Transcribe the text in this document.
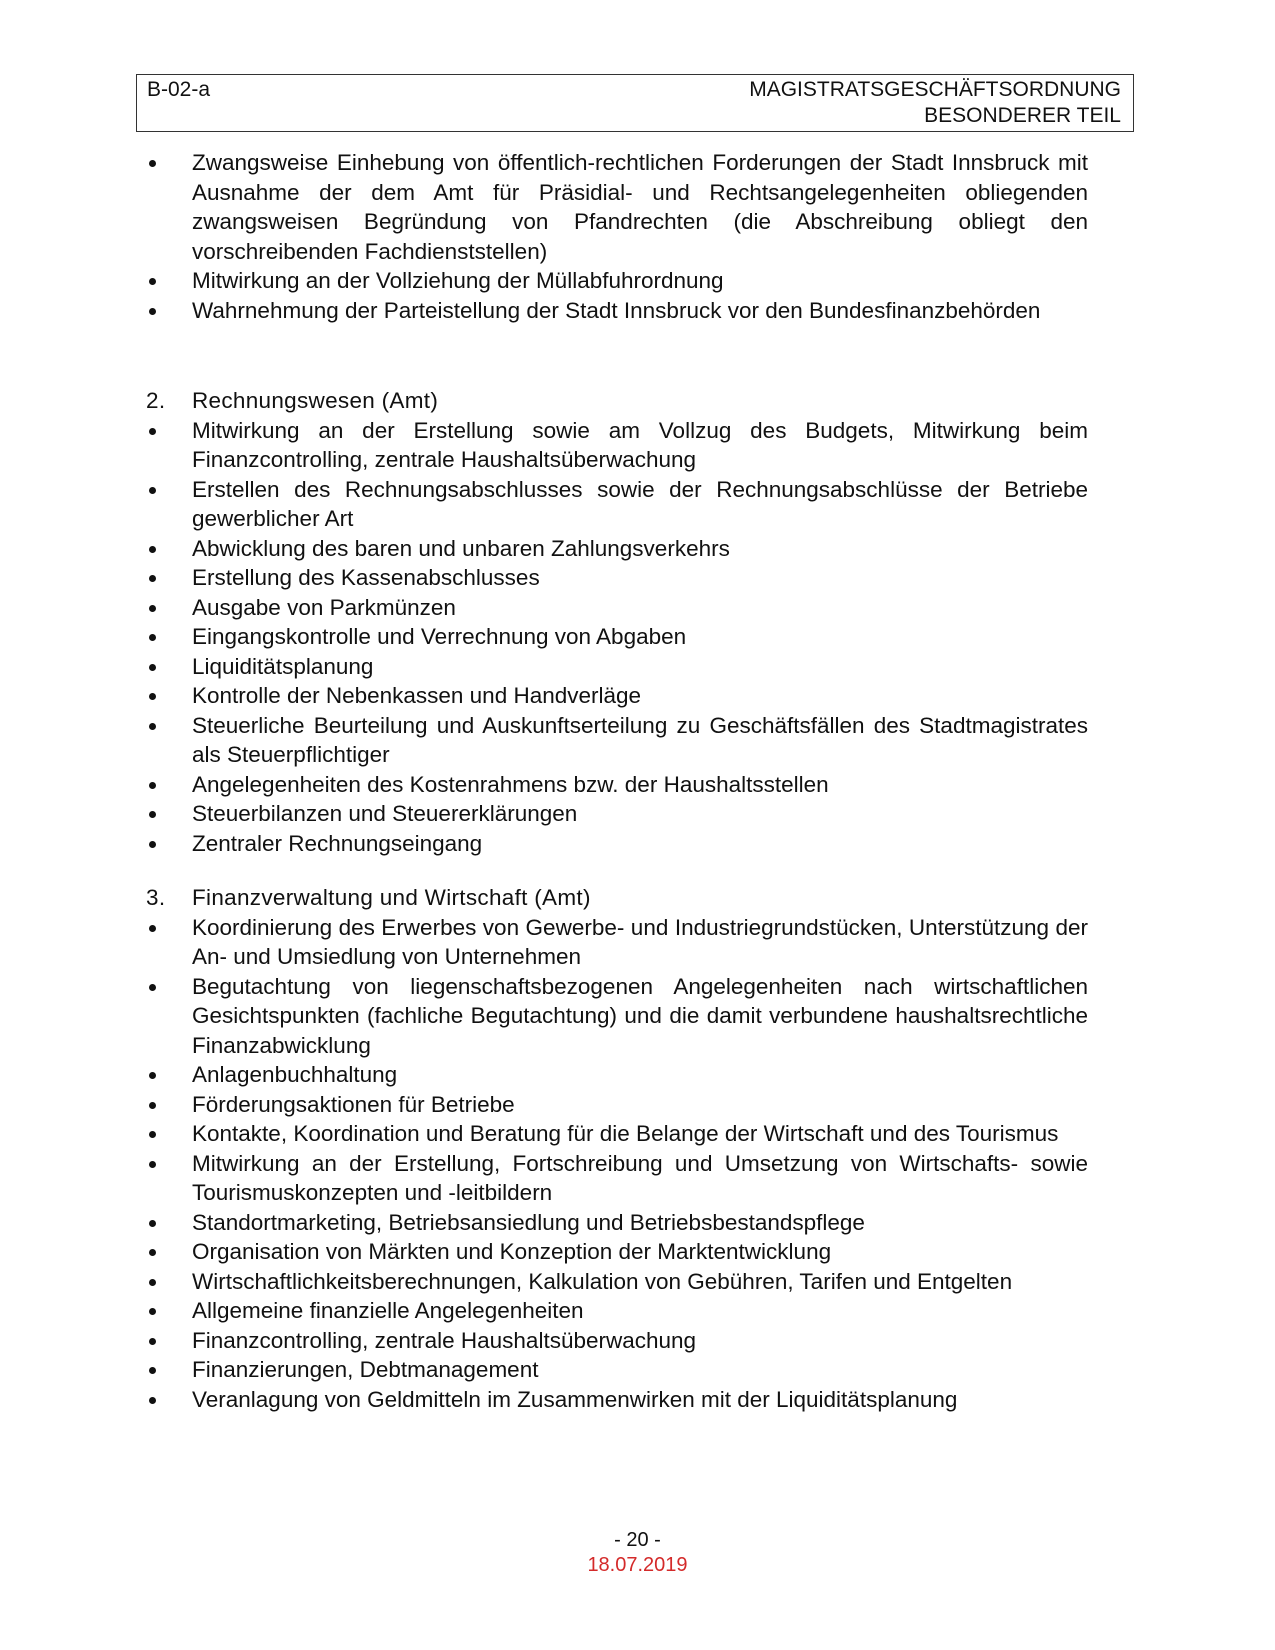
B-02-a	MAGISTRATSGESCHÄFTSORDNUNG
BESONDERER TEIL
Zwangsweise Einhebung von öffentlich-rechtlichen Forderungen der Stadt Innsbruck mit Ausnahme der dem Amt für Präsidial- und Rechtsangelegenheiten obliegenden zwangsweisen Begründung von Pfandrechten (die Abschreibung obliegt den vorschreibenden Fachdienststellen)
Mitwirkung an der Vollziehung der Müllabfuhrordnung
Wahrnehmung der Parteistellung der Stadt Innsbruck vor den Bundesfinanzbehörden
2.	Rechnungswesen (Amt)
Mitwirkung an der Erstellung sowie am Vollzug des Budgets, Mitwirkung beim Finanzcontrolling, zentrale Haushaltsüberwachung
Erstellen des Rechnungsabschlusses sowie der Rechnungsabschlüsse der Betriebe gewerblicher Art
Abwicklung des baren und unbaren Zahlungsverkehrs
Erstellung des Kassenabschlusses
Ausgabe von Parkmünzen
Eingangskontrolle und Verrechnung von Abgaben
Liquiditätsplanung
Kontrolle der Nebenkassen und Handverläge
Steuerliche Beurteilung und Auskunftserteilung zu Geschäftsfällen des Stadtmagistrates als Steuerpflichtiger
Angelegenheiten des Kostenrahmens bzw. der Haushaltsstellen
Steuerbilanzen und Steuererklärungen
Zentraler Rechnungseingang
3.	Finanzverwaltung und Wirtschaft (Amt)
Koordinierung des Erwerbes von Gewerbe- und Industriegrundstücken, Unterstützung der An- und Umsiedlung von Unternehmen
Begutachtung von liegenschaftsbezogenen Angelegenheiten nach wirtschaftlichen Gesichtspunkten (fachliche Begutachtung) und die damit verbundene haushaltsrechtliche Finanzabwicklung
Anlagenbuchhaltung
Förderungsaktionen für Betriebe
Kontakte, Koordination und Beratung für die Belange der Wirtschaft und des Tourismus
Mitwirkung an der Erstellung, Fortschreibung und Umsetzung von Wirtschafts- sowie Tourismuskonzepten und -leitbildern
Standortmarketing, Betriebsansiedlung und Betriebsbestandspflege
Organisation von Märkten und Konzeption der Marktentwicklung
Wirtschaftlichkeitsberechnungen, Kalkulation von Gebühren, Tarifen und Entgelten
Allgemeine finanzielle Angelegenheiten
Finanzcontrolling, zentrale Haushaltsüberwachung
Finanzierungen, Debtmanagement
Veranlagung von Geldmitteln im Zusammenwirken mit der Liquiditätsplanung
- 20 -
18.07.2019
